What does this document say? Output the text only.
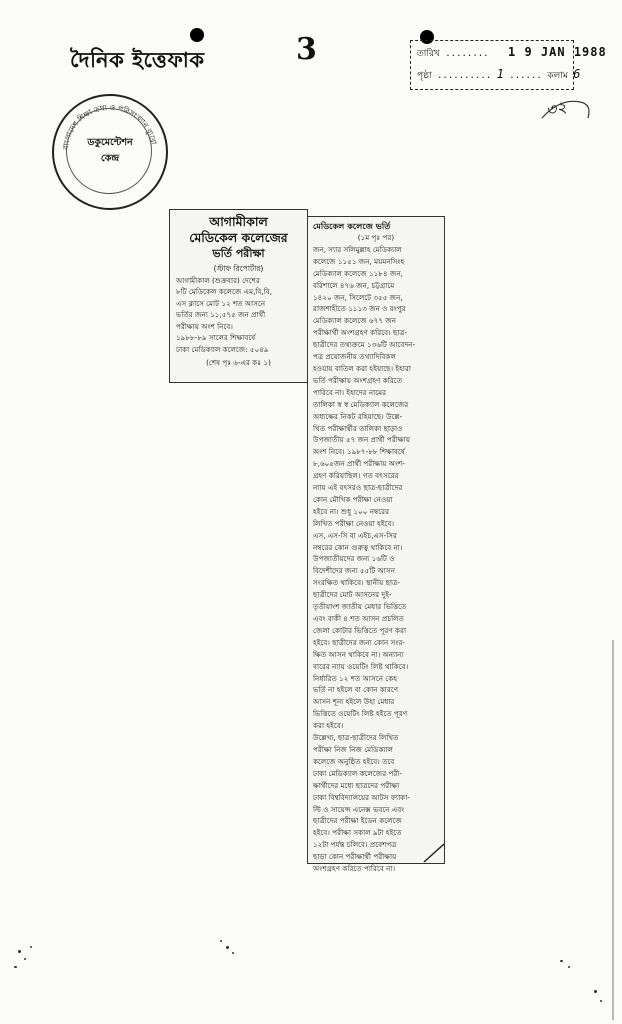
দৈনিক ইত্তেফাক	3	তারিখ ........ 1 9 JAN 1988
পৃষ্ঠা .......... 1 ...... কলাম 6
৩২
বাংলাদেশ শিক্ষা তথ্য ও পরিসংখ্যান ব্যুরো
ডকুমেন্টেশন
কেন্দ্র
আগামীকাল
মেডিকেল কলেজের
ভর্তি পরীক্ষা
(স্টাফ রিপোর্টার)
আগামীকাল (শুক্রবার) দেশের
৮টি মেডিকেল কলেজে এম,বি,বি,
এস ক্লাসে মোট ১২ শত আসনে
ভর্তির জন্য ১১,৫৭৫ জন প্রার্থী
পরীক্ষায় অংশ নিবে।
১৯৮৮-৮৯ সালের শিক্ষাবর্ষে
ঢাকা মেডিক্যাল কলেজে: ৫০৪৯
(শেষ পৃঃ ৬-এর কঃ ১)
মেডিকেল কলেজে ভর্তি
(১ম পৃঃ পর)
জন, স্যার সলিমুল্লাহ মেডিক্যাল
কলেজে ১১৫১ জন, ময়মনসিংহ
মেডিক্যাল কলেজে ১১৮৪ জন,
বরিশালে ৪৭৬ জন, চট্টগ্রামে
১৪২০ জন, সিলেটে ৩৫৫ জন,
রাজশাহীতে ১১১৩ জন ও রংপুর
মেডিক্যাল কলেজে ৬৭৭ জন
পরীক্ষার্থী অংশগ্রহণ করিবে। ছাত্র-
ছাত্রীদের তথ্যক্রমে ১৩৬টি আবেদন-
পত্র প্রয়োজনীয় তথ্যাদিবিকল
হওয়ায় বাতিল করা হইয়াছে। ইহারা
ভর্তি পরীক্ষায় অংশগ্রহণ করিতে
পারিবে না। ইহাদের নামের
তালিকা স্ব স্ব মেডিক্যাল কলেজের
অধ্যক্ষের নিকট রহিয়াছে। উল্লে-
খিত পরীক্ষার্থীর তালিকা ছাড়াও
উপজাতীয় ৫৭ জন প্রার্থী পরীক্ষায়
অংশ নিবে। ১৯৮৭-৮৮ শিক্ষাবর্ষে
৮,৬০৫জন প্রার্থী পরীক্ষায় অংশ-
গ্রহণ করিয়াছিল। গত বৎসরের
ন্যায় এই বৎসরও ছাত্র-ছাত্রীদের
কোন মৌখিক পরীক্ষা নেওয়া
হইবে না। শুধু ১০০ নম্বরের
লিখিত পরীক্ষা নেওয়া হইবে।
এস, এস-সি বা এইচ,এস-সির
নম্বরের কোন গুরুত্ব থাকিবে না।
উপজাতীয়দের জন্য ১৬টি ও
বিদেশীদের জন্য ৫৫টি আসন
সংরক্ষিত থাকিবে। স্থানীয় ছাত্র-
ছাত্রীদের মোট আসনের দুই-
তৃতীয়াংশ জাতীয় মেধার ভিত্তিতে
এবং বাকী ৪ শত আসন প্রচলিত
জেলা কোটার ভিত্তিতে পূরণ করা
হইবে। ছাত্রীদের জন্য কোন সংর-
ক্ষিত আসন থাকিবে না। অন্যান্য
বারের ন্যায় ওয়েটিং লিষ্ট থাকিবে।
নির্ধারিত ১২ শত আসনে কেহ
ভর্তি না হইলে বা কোন কারণে
আসন শূন্য হইলে উহা মেধার
ভিত্তিতে ওয়েটিং লিষ্ট হইতে পূরণ
করা হইবে।
উল্লেখ্য, ছাত্র-ছাত্রীদের লিখিত
পরীক্ষা নিজ নিজ মেডিক্যাল
কলেজে অনুষ্ঠিত হইবে। তবে
ঢাকা মেডিক্যাল কলেজের পরী-
ক্ষার্থীদের মধ্যে ছাত্রদের পরীক্ষা
ঢাকা বিশ্ববিদ্যালয়ের আটস ফ্যাকা-
ল্টি ও সায়েন্স এনেক্স ভবনে এবং
ছাত্রীদের পরীক্ষা ইডেন কলেজে
হইবে। পরীক্ষা সকাল ৯টা হইতে
১২টা পর্যন্ত চলিবে। প্রবেশপত্র
ছাড়া কোন পরীক্ষার্থী পরীক্ষায়
অংশগ্রহণ করিতে পারিবে না।
